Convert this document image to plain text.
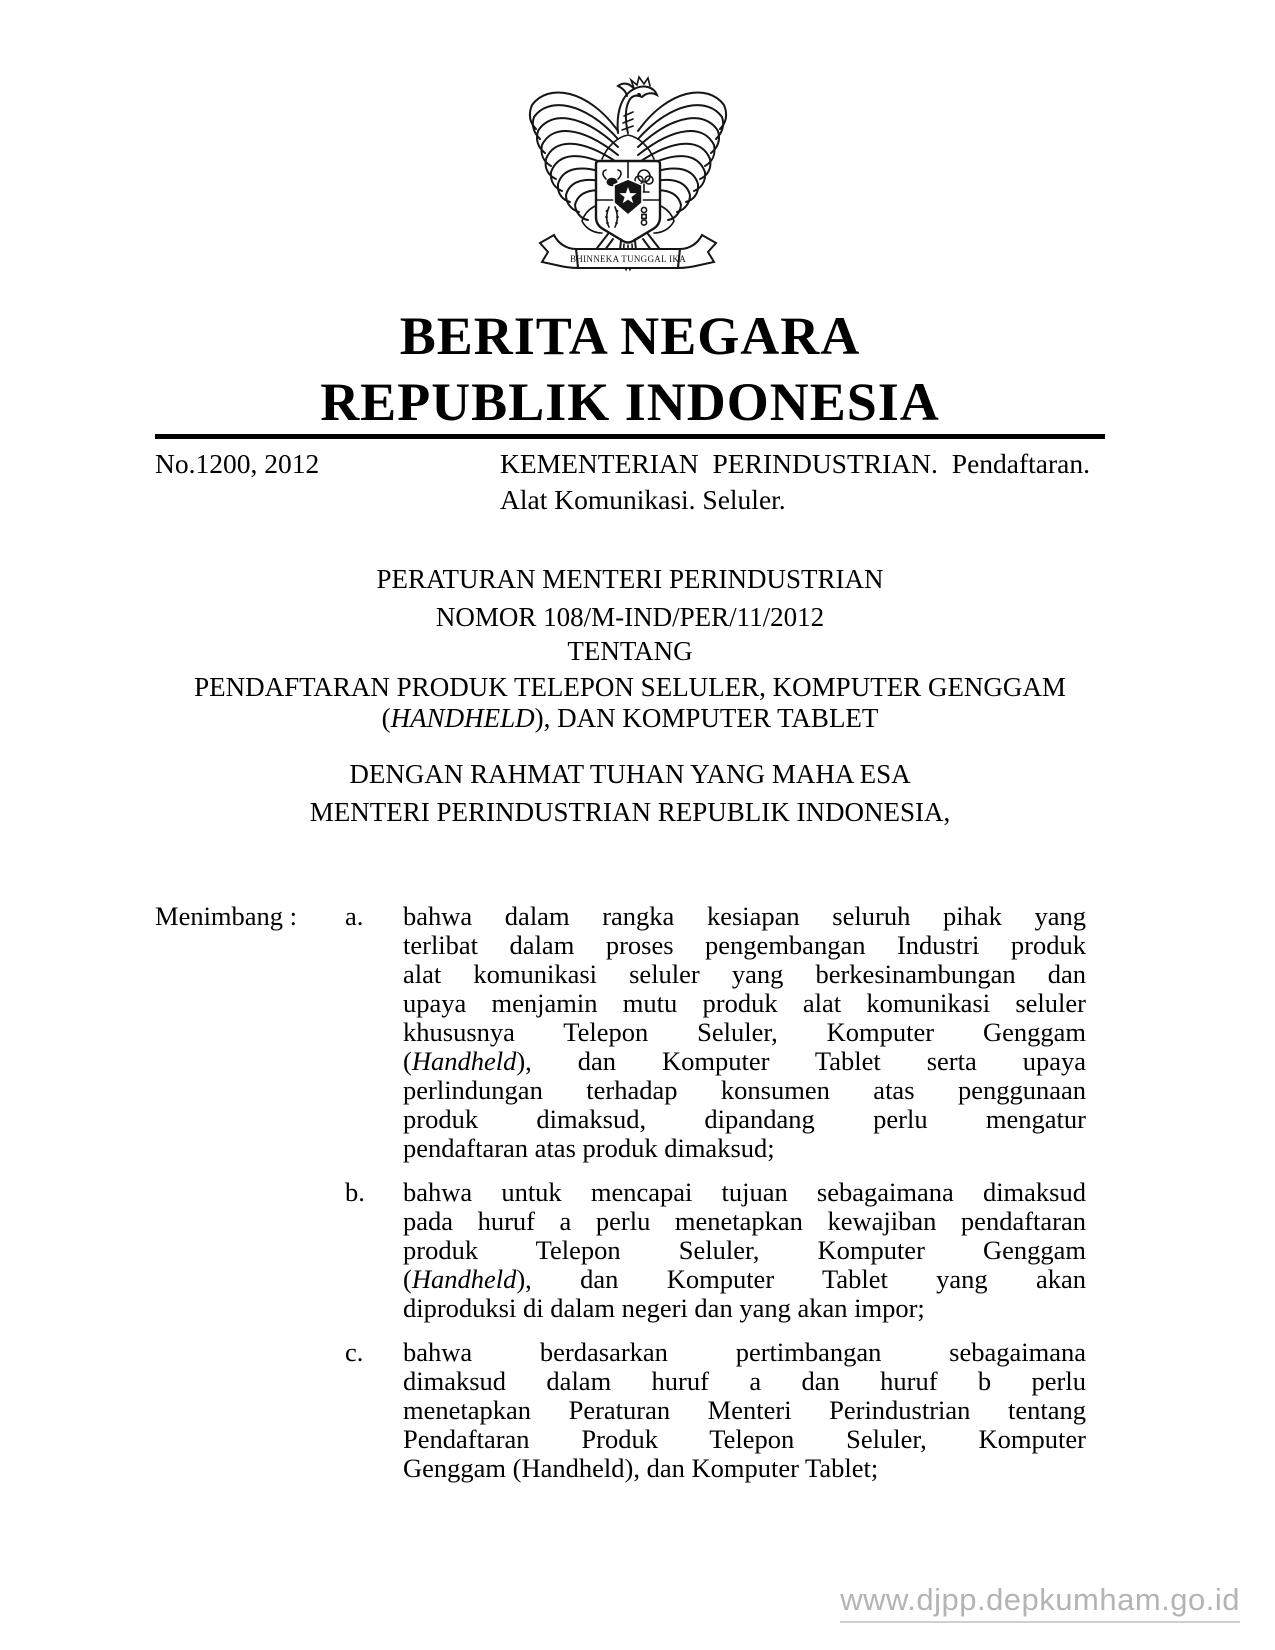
BHINNEKA TUNGGAL IKA
BERITA NEGARA
REPUBLIK INDONESIA
No.1200, 2012	KEMENTERIAN PERINDUSTRIAN. Pendaftaran.
Alat Komunikasi. Seluler.
PERATURAN MENTERI PERINDUSTRIAN
NOMOR 108/M-IND/PER/11/2012
TENTANG
PENDAFTARAN PRODUK TELEPON SELULER, KOMPUTER GENGGAM
(HANDHELD), DAN KOMPUTER TABLET
DENGAN RAHMAT TUHAN YANG MAHA ESA
MENTERI PERINDUSTRIAN REPUBLIK INDONESIA,
Menimbang :	a.	bahwa dalam rangka kesiapan seluruh pihak yang
terlibat dalam proses pengembangan Industri produk
alat komunikasi seluler yang berkesinambungan dan
upaya menjamin mutu produk alat komunikasi seluler
khususnya Telepon Seluler, Komputer Genggam
(Handheld), dan Komputer Tablet serta upaya
perlindungan terhadap konsumen atas penggunaan
produk dimaksud, dipandang perlu mengatur
pendaftaran atas produk dimaksud;
b.	bahwa untuk mencapai tujuan sebagaimana dimaksud
pada huruf a perlu menetapkan kewajiban pendaftaran
produk Telepon Seluler, Komputer Genggam
(Handheld), dan Komputer Tablet yang akan
diproduksi di dalam negeri dan yang akan impor;
c.	bahwa berdasarkan pertimbangan sebagaimana
dimaksud dalam huruf a dan huruf b perlu
menetapkan Peraturan Menteri Perindustrian tentang
Pendaftaran Produk Telepon Seluler, Komputer
Genggam (Handheld), dan Komputer Tablet;
www.djpp.depkumham.go.id
